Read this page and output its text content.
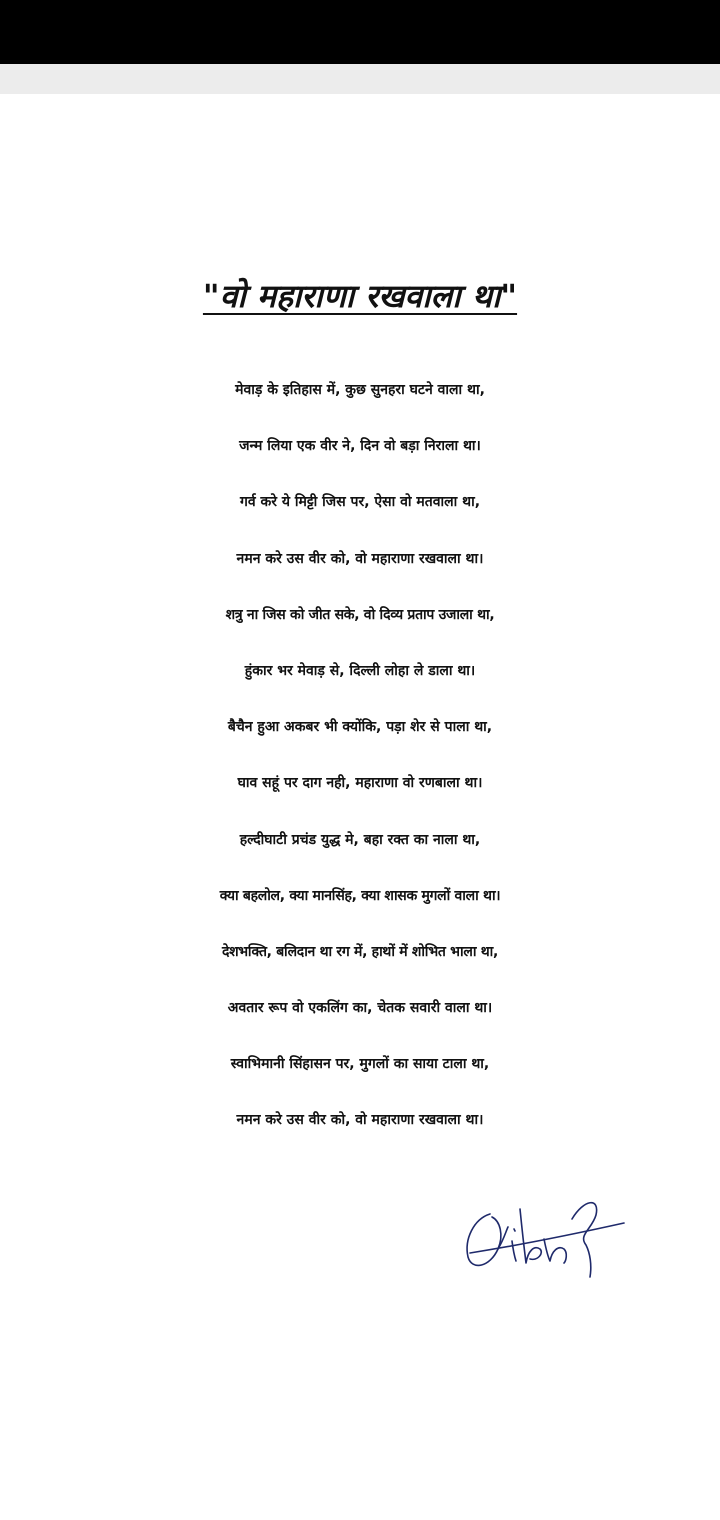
"वो महाराणा रखवाला था"
मेवाड़ के इतिहास में, कुछ सुनहरा घटने वाला था,
जन्म लिया एक वीर ने, दिन वो बड़ा निराला था।
गर्व करे ये मिट्टी जिस पर, ऐसा वो मतवाला था,
नमन करे उस वीर को, वो महाराणा रखवाला था।
शत्रु ना जिस को जीत सके, वो दिव्य प्रताप उजाला था,
हुंकार भर मेवाड़ से, दिल्ली लोहा ले डाला था।
बैचैन हुआ अकबर भी क्योंकि, पड़ा शेर से पाला था,
घाव सहूं पर दाग नही, महाराणा वो रणबाला था।
हल्दीघाटी प्रचंड युद्ध मे, बहा रक्त का नाला था,
क्या बहलोल, क्या मानसिंह, क्या शासक मुगलों वाला था।
देशभक्ति, बलिदान था रग में, हाथों में शोभित भाला था,
अवतार रूप वो एकलिंग का, चेतक सवारी वाला था।
स्वाभिमानी सिंहासन पर, मुगलों का साया टाला था,
नमन करे उस वीर को, वो महाराणा रखवाला था।
